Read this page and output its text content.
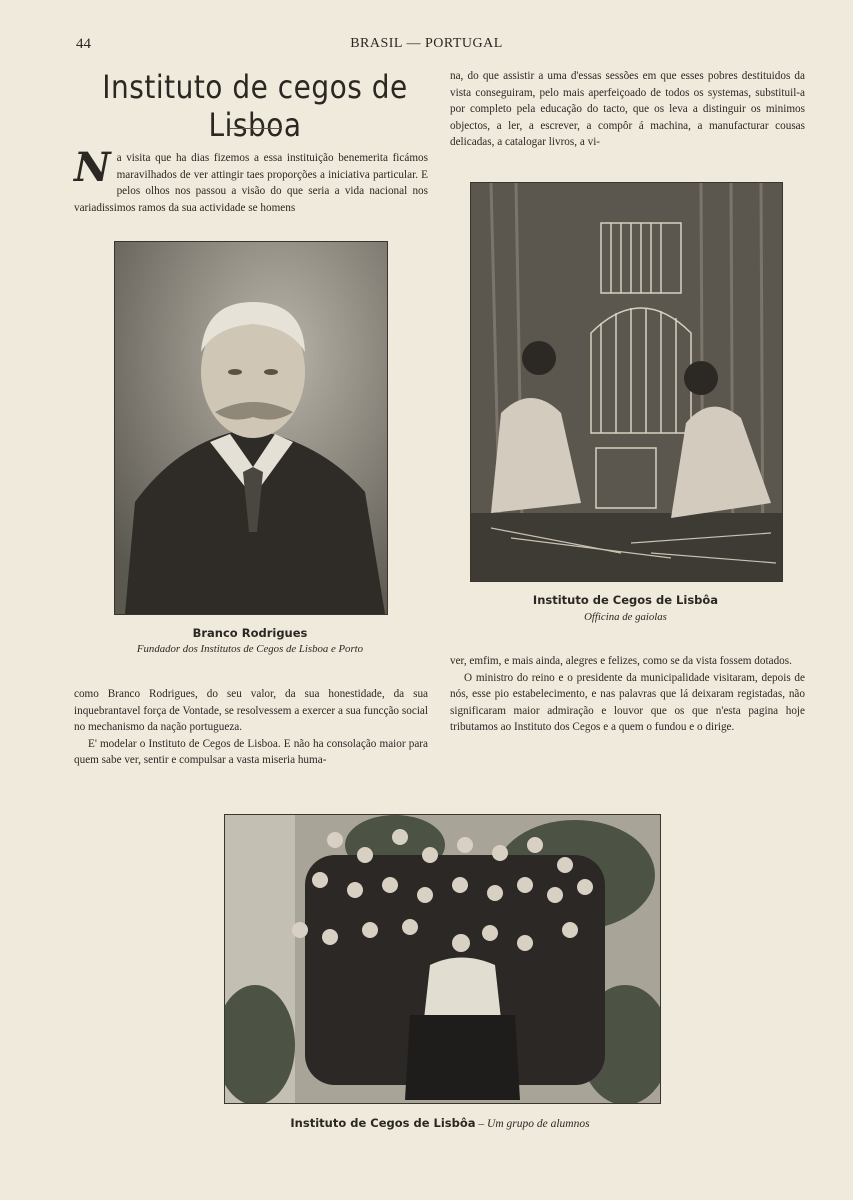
44	BRASIL — PORTUGAL
Instituto de cegos de Lisboa

Na visita que ha dias fizemos a essa instituição benemerita ficámos maravilhados de ver attingir taes proporções a iniciativa particular. E pelos olhos nos passou a visão do que seria a vida nacional nos variadissimos ramos da sua actividade se homens

na, do que assistir a uma d'essas sessões em que esses pobres destituidos da vista conseguiram, pelo mais aperfeiçoado de todos os systemas, substituil-a por completo pela educação do tacto, que os leva a distinguir os minimos objectos, a ler, a escrever, a compôr á machina, a manufacturar cousas delicadas, a catalogar livros, a vi-

Branco Rodrigues
Fundador dos Institutos de Cegos de Lisboa e Porto
Instituto de Cegos de Lisbôa
Officina de gaiolas

como Branco Rodrigues, do seu valor, da sua honestidade, da sua inquebrantavel força de Vontade, se resolvessem a exercer a sua funcção social no mechanismo da nação portugueza.

E' modelar o Instituto de Cegos de Lisboa. E não ha consolação maior para quem sabe ver, sentir e compulsar a vasta miseria huma-

ver, emfim, e mais ainda, alegres e felizes, como se da vista fossem dotados.

O ministro do reino e o presidente da municipalidade visitaram, depois de nós, esse pio estabelecimento, e nas palavras que lá deixaram registadas, não significaram maior admiração e louvor que os que n'esta pagina hoje tributamos ao Instituto dos Cegos e a quem o fundou e o dirige.

Instituto de Cegos de Lisbôa – Um grupo de alumnos
